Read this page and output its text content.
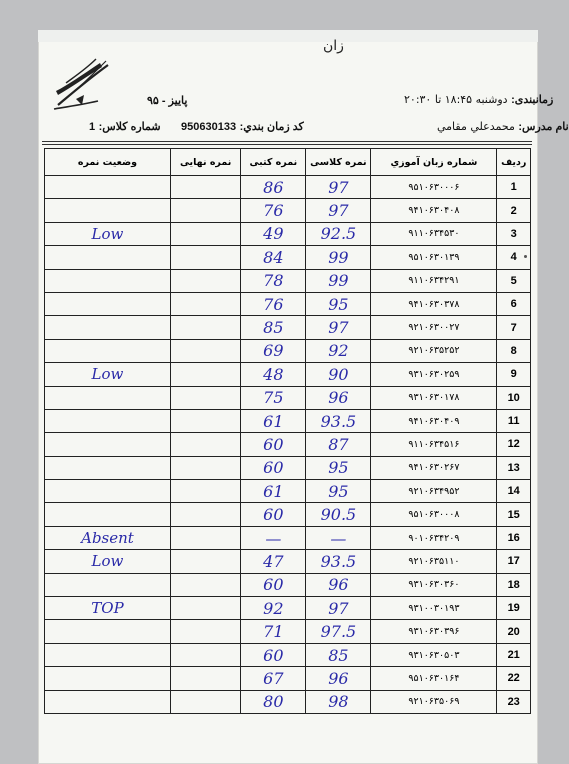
زان
زمانبندی: دوشنبه ۱۸:۴۵ تا ۲۰:۳۰
پاییز - ۹۵
نام مدرس: محمدعلي مقامي
کد زمان بندي: 950630133
شماره کلاس: 1
وضعیت نمره	نمره نهایی	نمره کتبی	نمره کلاسی	شماره زبان آموزي	ردیف
		86	97	۹۵۱۰۶۳۰۰۰۶	1
		76	97	۹۴۱۰۶۳۰۴۰۸	2
Low		49	92.5	۹۱۱۰۶۳۴۵۳۰	3
		84	99	۹۵۱۰۶۳۰۱۳۹	4
		78	99	۹۱۱۰۶۳۴۲۹۱	5
		76	95	۹۴۱۰۶۳۰۳۷۸	6
		85	97	۹۲۱۰۶۳۰۰۲۷	7
		69	92	۹۲۱۰۶۳۵۲۵۲	8
Low		48	90	۹۳۱۰۶۳۰۲۵۹	9
		75	96	۹۳۱۰۶۳۰۱۷۸	10
		61	93.5	۹۴۱۰۶۳۰۴۰۹	11
		60	87	۹۱۱۰۶۳۴۵۱۶	12
		60	95	۹۴۱۰۶۳۰۲۶۷	13
		61	95	۹۲۱۰۶۳۴۹۵۲	14
		60	90.5	۹۵۱۰۶۳۰۰۰۸	15
Absent		—	—	۹۰۱۰۶۳۴۲۰۹	16
Low		47	93.5	۹۲۱۰۶۳۵۱۱۰	17
		60	96	۹۳۱۰۶۳۰۳۶۰	18
TOP		92	97	۹۳۱۰۰۳۰۱۹۳	19
		71	97.5	۹۳۱۰۶۳۰۳۹۶	20
		60	85	۹۳۱۰۶۳۰۵۰۳	21
		67	96	۹۵۱۰۶۳۰۱۶۴	22
		80	98	۹۲۱۰۶۳۵۰۶۹	23
